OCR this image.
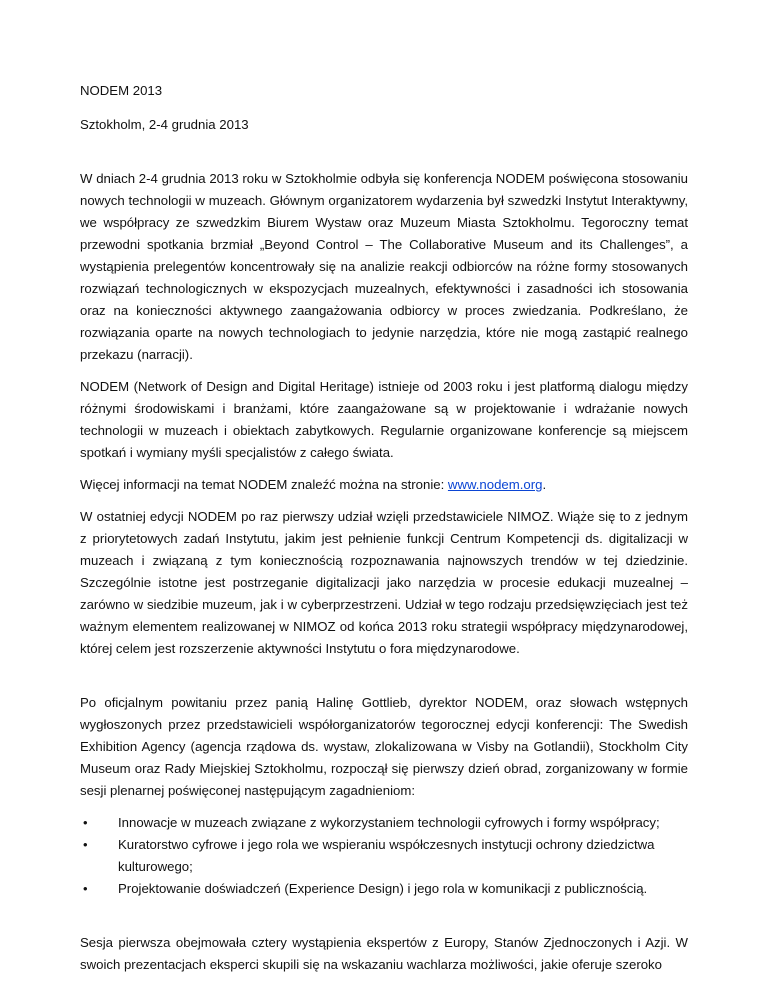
NODEM 2013

Sztokholm, 2-4 grudnia 2013

W dniach 2-4 grudnia 2013 roku w Sztokholmie odbyła się konferencja NODEM poświęcona stosowaniu nowych technologii w muzeach. Głównym organizatorem wydarzenia był szwedzki Instytut Interaktywny, we współpracy ze szwedzkim Biurem Wystaw oraz Muzeum Miasta Sztokholmu. Tegoroczny temat przewodni spotkania brzmiał „Beyond Control – The Collaborative Museum and its Challenges”, a wystąpienia prelegentów koncentrowały się na analizie reakcji odbiorców na różne formy stosowanych rozwiązań technologicznych w ekspozycjach muzealnych, efektywności i zasadności ich stosowania oraz na konieczności aktywnego zaangażowania odbiorcy w proces zwiedzania. Podkreślano, że rozwiązania oparte na nowych technologiach to jedynie narzędzia, które nie mogą zastąpić realnego przekazu (narracji).

NODEM (Network of Design and Digital Heritage) istnieje od 2003 roku i jest platformą dialogu między różnymi środowiskami i branżami, które zaangażowane są w projektowanie i wdrażanie nowych technologii w muzeach i obiektach zabytkowych. Regularnie organizowane konferencje są miejscem spotkań i wymiany myśli specjalistów z całego świata.

Więcej informacji na temat NODEM znaleźć można na stronie: www.nodem.org.

W ostatniej edycji NODEM po raz pierwszy udział wzięli przedstawiciele NIMOZ. Wiąże się to z jednym z priorytetowych zadań Instytutu, jakim jest pełnienie funkcji Centrum Kompetencji ds. digitalizacji w muzeach i związaną z tym koniecznością rozpoznawania najnowszych trendów w tej dziedzinie. Szczególnie istotne jest postrzeganie digitalizacji jako narzędzia w procesie edukacji muzealnej – zarówno w siedzibie muzeum, jak i w cyberprzestrzeni. Udział w tego rodzaju przedsięwzięciach jest też ważnym elementem realizowanej w NIMOZ od końca 2013 roku strategii współpracy międzynarodowej, której celem jest rozszerzenie aktywności Instytutu o fora międzynarodowe.

Po oficjalnym powitaniu przez panią Halinę Gottlieb, dyrektor NODEM, oraz słowach wstępnych wygłoszonych przez przedstawicieli współorganizatorów tegorocznej edycji konferencji: The Swedish Exhibition Agency (agencja rządowa ds. wystaw, zlokalizowana w Visby na Gotlandii), Stockholm City Museum oraz Rady Miejskiej Sztokholmu, rozpoczął się pierwszy dzień obrad, zorganizowany w formie sesji plenarnej poświęconej następującym zagadnieniom:

• Innowacje w muzeach związane z wykorzystaniem technologii cyfrowych i formy współpracy;
• Kuratorstwo cyfrowe i jego rola we wspieraniu współczesnych instytucji ochrony dziedzictwa kulturowego;
• Projektowanie doświadczeń (Experience Design) i jego rola w komunikacji z publicznością.

Sesja pierwsza obejmowała cztery wystąpienia ekspertów z Europy, Stanów Zjednoczonych i Azji. W swoich prezentacjach eksperci skupili się na wskazaniu wachlarza możliwości, jakie oferuje szeroko
